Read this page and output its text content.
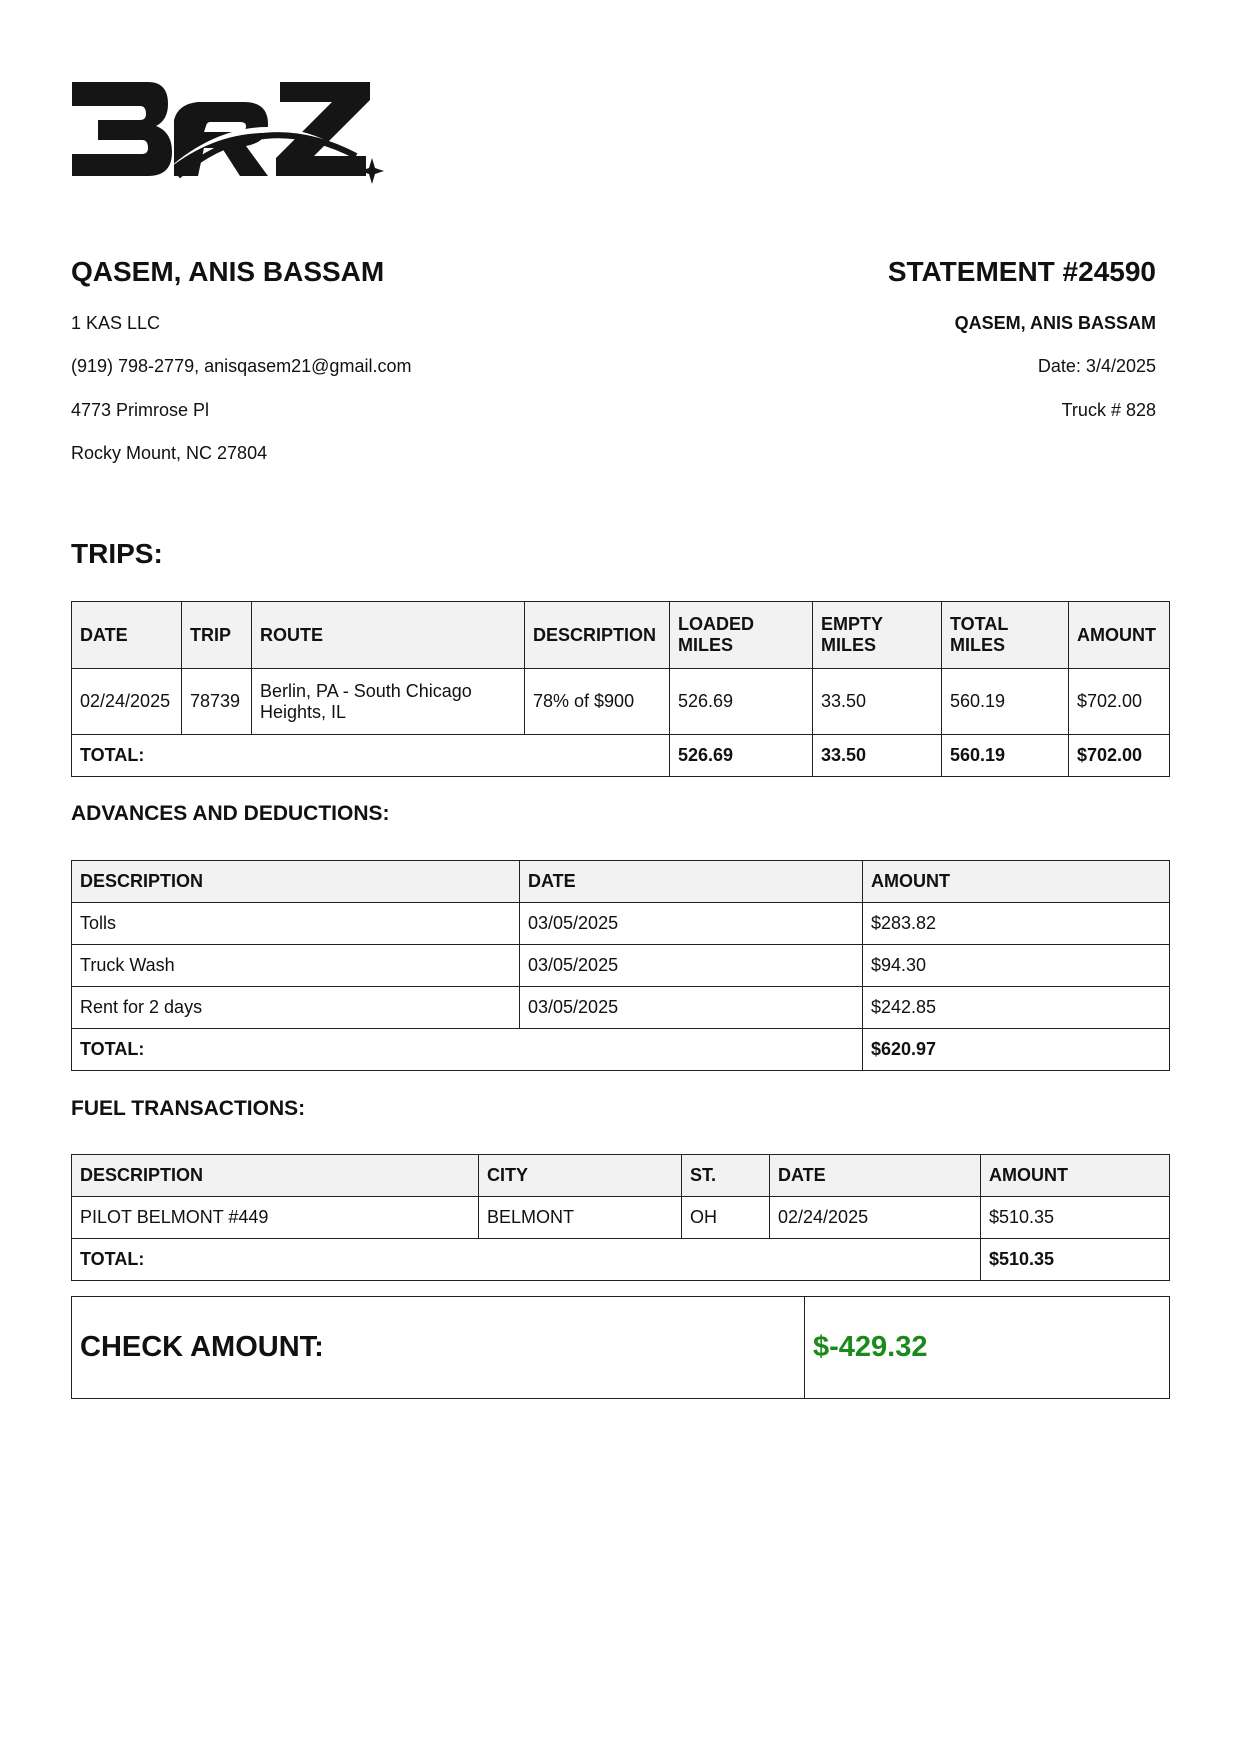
QASEM, ANIS BASSAM	STATEMENT #24590
1 KAS LLC
(919) 798-2779, anisqasem21@gmail.com
4773 Primrose Pl
Rocky Mount, NC 27804
QASEM, ANIS BASSAM
Date: 3/4/2025
Truck # 828
TRIPS:
DATE	TRIP	ROUTE	DESCRIPTION	LOADED MILES	EMPTY MILES	TOTAL MILES	AMOUNT
02/24/2025	78739	Berlin, PA - South Chicago Heights, IL	78% of $900	526.69	33.50	560.19	$702.00
TOTAL:				526.69	33.50	560.19	$702.00
ADVANCES AND DEDUCTIONS:
DESCRIPTION	DATE	AMOUNT
Tolls	03/05/2025	$283.82
Truck Wash	03/05/2025	$94.30
Rent for 2 days	03/05/2025	$242.85
TOTAL:		$620.97
FUEL TRANSACTIONS:
DESCRIPTION	CITY	ST.	DATE	AMOUNT
PILOT BELMONT #449	BELMONT	OH	02/24/2025	$510.35
TOTAL:				$510.35
CHECK AMOUNT:	$-429.32
